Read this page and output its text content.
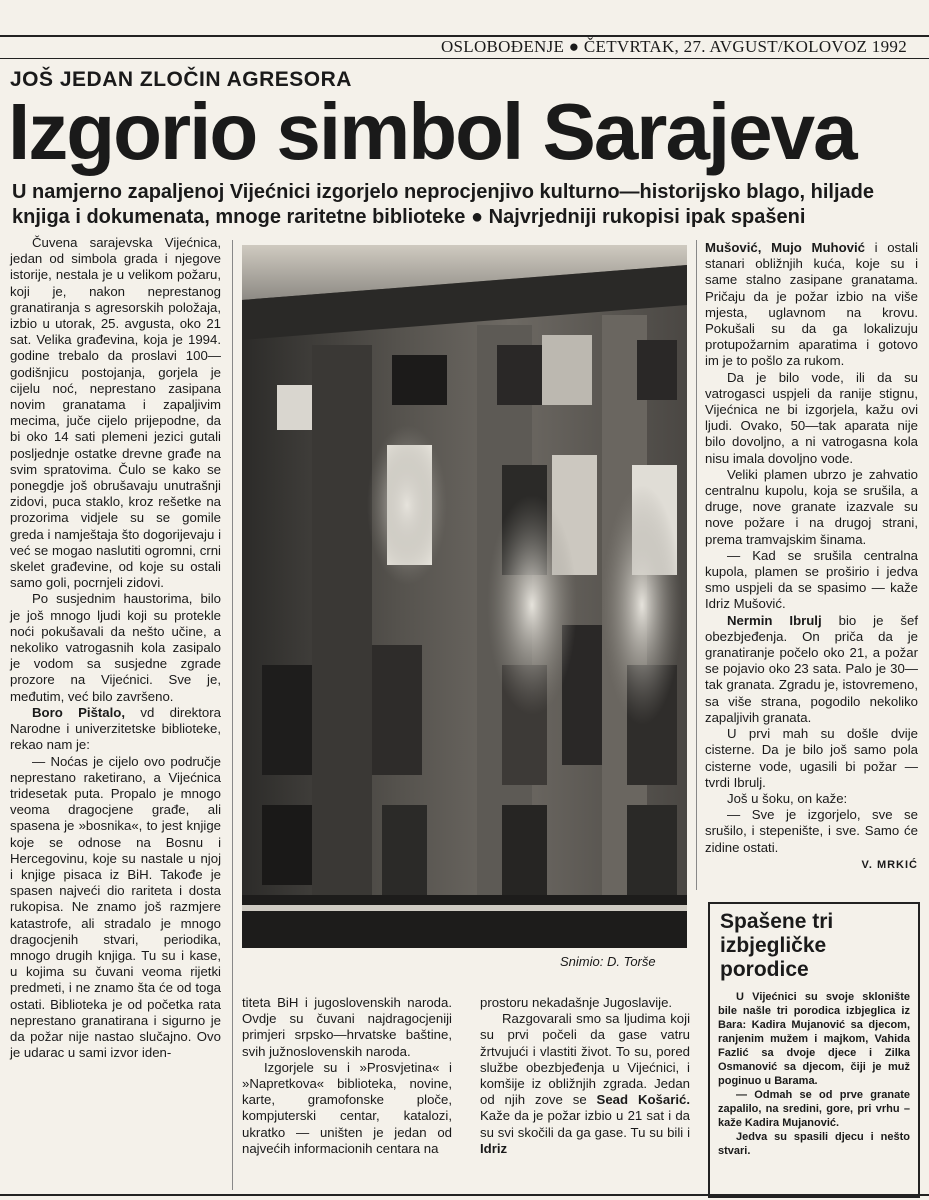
OSLOBOĐENJE ● ČETVRTAK, 27. AVGUST/KOLOVOZ 1992
JOŠ JEDAN ZLOČIN AGRESORA
Izgorio simbol Sarajeva
U namjerno zapaljenoj Vijećnici izgorjelo neprocjenjivo kulturno—historijsko blago, hiljade knjiga i dokumenata, mnoge raritetne biblioteke ● Najvrjedniji rukopisi ipak spašeni

Čuvena sarajevska Vijećnica, jedan od simbola grada i njegove istorije, nestala je u velikom požaru, koji je, nakon neprestanog granatiranja s agresorskih položaja, izbio u utorak, 25. avgusta, oko 21 sat. Velika građevina, koja je 1994. godine trebalo da proslavi 100—godišnjicu postojanja, gorjela je cijelu noć, neprestano zasipana novim granatama i zapaljivim mecima, juče cijelo prijepodne, da bi oko 14 sati plemeni jezici gutali posljednje ostatke drevne građe na svim spratovima. Čulo se kako se ponegdje još obrušavaju unutrašnji zidovi, puca staklo, kroz rešetke na prozorima vidjele su se gomile greda i namještaja što dogorijevaju i već se mogao naslutiti ogromni, crni skelet građevine, od koje su ostali samo goli, pocrnjeli zidovi.

Po susjednim haustorima, bilo je još mnogo ljudi koji su protekle noći pokušavali da nešto učine, a nekoliko vatrogasnih kola zasipalo je vodom sa susjedne zgrade prozore na Vijećnici. Sve je, međutim, već bilo završeno.

Boro Pištalo, vd direktora Narodne i univerzitetske biblioteke, rekao nam je:

— Noćas je cijelo ovo područje neprestano raketirano, a Vijećnica tridesetak puta. Propalo je mnogo veoma dragocjene građe, ali spasena je »bosnika«, to jest knjige koje se odnose na Bosnu i Hercegovinu, koje su nastale u njoj i knjige pisaca iz BiH. Takođe je spasen najveći dio rariteta i dosta rukopisa. Ne znamo još razmjere katastrofe, ali stradalo je mnogo dragocjenih stvari, periodika, mnogo drugih knjiga. Tu su i kase, u kojima su čuvani veoma rijetki predmeti, i ne znamo šta će od toga ostati. Biblioteka je od početka rata neprestano granatirana i sigurno je da požar nije nastao slučajno. Ovo je udarac u sami izvor iden-

Snimio: D. Torše

titeta BiH i jugoslovenskih naroda. Ovdje su čuvani najdragocjeniji primjeri srpsko—hrvatske baštine, svih južnoslovenskih naroda.

Izgorjele su i »Prosvjetina« i »Napretkova« biblioteka, novine, karte, gramofonske ploče, kompjuterski centar, katalozi, ukratko — uništen je jedan od najvećih informacionih centara na

prostoru nekadašnje Jugoslavije.

Razgovarali smo sa ljudima koji su prvi počeli da gase vatru žrtvujući i vlastiti život. To su, pored službe obezbjeđenja u Vijećnici, i komšije iz obližnjih zgrada. Jedan od njih zove se Sead Košarić. Kaže da je požar izbio u 21 sat i da su svi skočili da ga gase. Tu su bili i Idriz

Mušović, Mujo Muhović i ostali stanari obližnjih kuća, koje su i same stalno zasipane granatama. Pričaju da je požar izbio na više mjesta, uglavnom na krovu. Pokušali su da ga lokalizuju protupožarnim aparatima i gotovo im je to pošlo za rukom.

Da je bilo vode, ili da su vatrogasci uspjeli da ranije stignu, Vijećnica ne bi izgorjela, kažu ovi ljudi. Ovako, 50—tak aparata nije bilo dovoljno, a ni vatrogasna kola nisu imala dovoljno vode.

Veliki plamen ubrzo je zahvatio centralnu kupolu, koja se srušila, a druge, nove granate izazvale su nove požare i na drugoj strani, prema tramvajskim šinama.

— Kad se srušila centralna kupola, plamen se proširio i jedva smo uspjeli da se spasimo — kaže Idriz Mušović.

Nermin Ibrulj bio je šef obezbjeđenja. On priča da je granatiranje počelo oko 21, a požar se pojavio oko 23 sata. Palo je 30—tak granata. Zgradu je, istovremeno, sa više strana, pogodilo nekoliko zapaljivih granata.

U prvi mah su došle dvije cisterne. Da je bilo još samo pola cisterne vode, ugasili bi požar — tvrdi Ibrulj.

Još u šoku, on kaže:

— Sve je izgorjelo, sve se srušilo, i stepenište, i sve. Samo će zidine ostati.

V. MRKIĆ
Spašene tri izbjegličke porodice

U Vijećnici su svoje sklonište bile našle tri porodica izbjeglica iz Bara: Kadira Mujanović sa djecom, ranjenim mužem i majkom, Vahida Fazlić sa dvoje djece i Zilka Osmanović sa djecom, čiji je muž poginuo u Barama.

— Odmah se od prve granate zapalilo, na sredini, gore, pri vrhu – kaže Kadira Mujanović.

Jedva su spasili djecu i nešto stvari.
